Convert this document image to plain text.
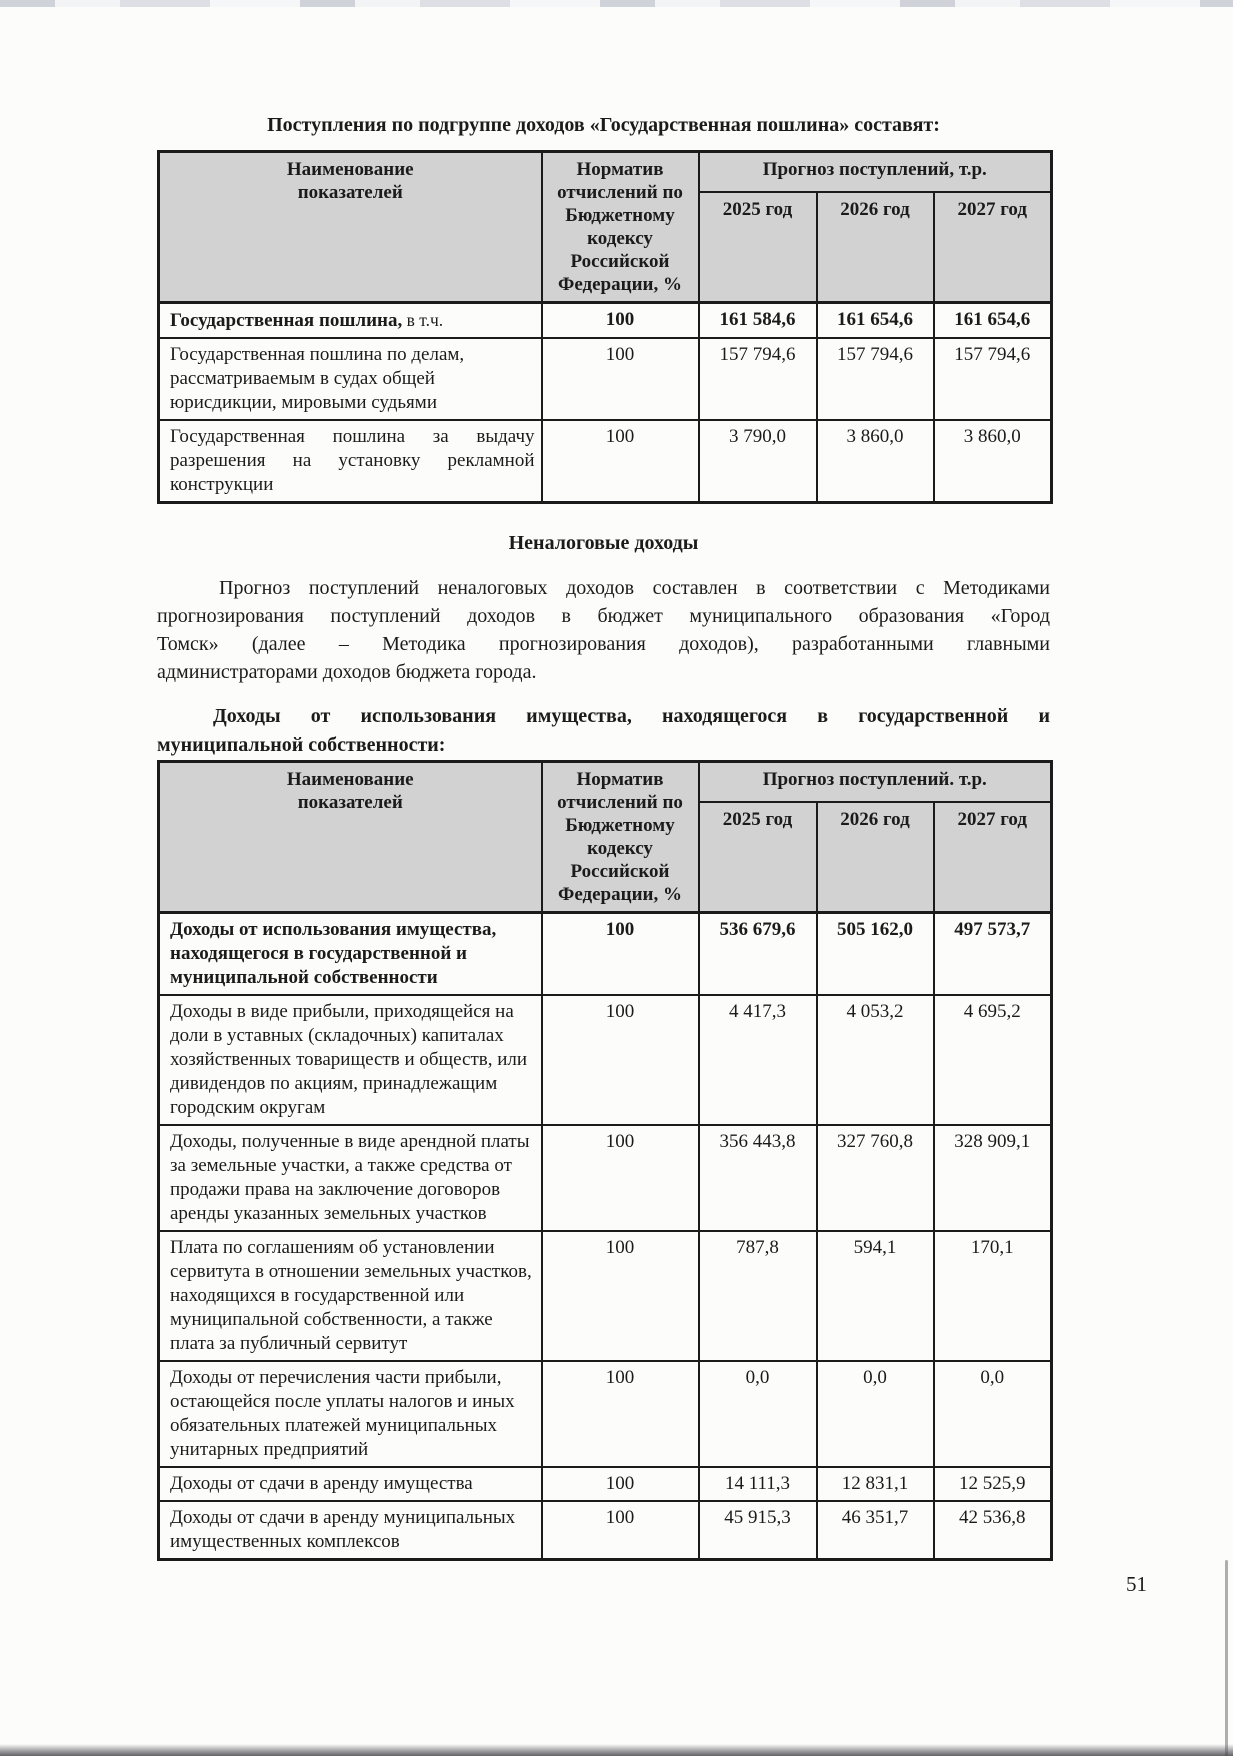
Поступления по подгруппе доходов «Государственная пошлина» составят:
Наименование показателей	Норматив отчислений по Бюджетному кодексу Российской Федерации, %	Прогноз поступлений, т.р.		
		2025 год	2026 год	2027 год
Государственная пошлина, в т.ч.	100	161 584,6	161 654,6	161 654,6
Государственная пошлина по делам, рассматриваемым в судах общей юрисдикции, мировыми судьями	100	157 794,6	157 794,6	157 794,6
Государственная пошлина за выдачу разрешения на установку рекламной конструкции	100	3 790,0	3 860,0	3 860,0
Неналоговые доходы
Прогноз поступлений неналоговых доходов составлен в соответствии с Методиками
прогнозирования поступлений доходов в бюджет муниципального образования «Город
Томск» (далее – Методика прогнозирования доходов), разработанными главными
администраторами доходов бюджета города.
Доходы от использования имущества, находящегося в государственной и
муниципальной собственности:
Наименование показателей	Норматив отчислений по Бюджетному кодексу Российской Федерации, %	Прогноз поступлений. т.р.		
		2025 год	2026 год	2027 год
Доходы от использования имущества, находящегося в государственной и муниципальной собственности	100	536 679,6	505 162,0	497 573,7
Доходы в виде прибыли, приходящейся на доли в уставных (складочных) капиталах хозяйственных товариществ и обществ, или дивидендов по акциям, принадлежащим городским округам	100	4 417,3	4 053,2	4 695,2
Доходы, полученные в виде арендной платы за земельные участки, а также средства от продажи права на заключение договоров аренды указанных земельных участков	100	356 443,8	327 760,8	328 909,1
Плата по соглашениям об установлении сервитута в отношении земельных участков, находящихся в государственной или муниципальной собственности, а также плата за публичный сервитут	100	787,8	594,1	170,1
Доходы от перечисления части прибыли, остающейся после уплаты налогов и иных обязательных платежей муниципальных унитарных предприятий	100	0,0	0,0	0,0
Доходы от сдачи в аренду имущества	100	14 111,3	12 831,1	12 525,9
Доходы от сдачи в аренду муниципальных имущественных комплексов	100	45 915,3	46 351,7	42 536,8
51
